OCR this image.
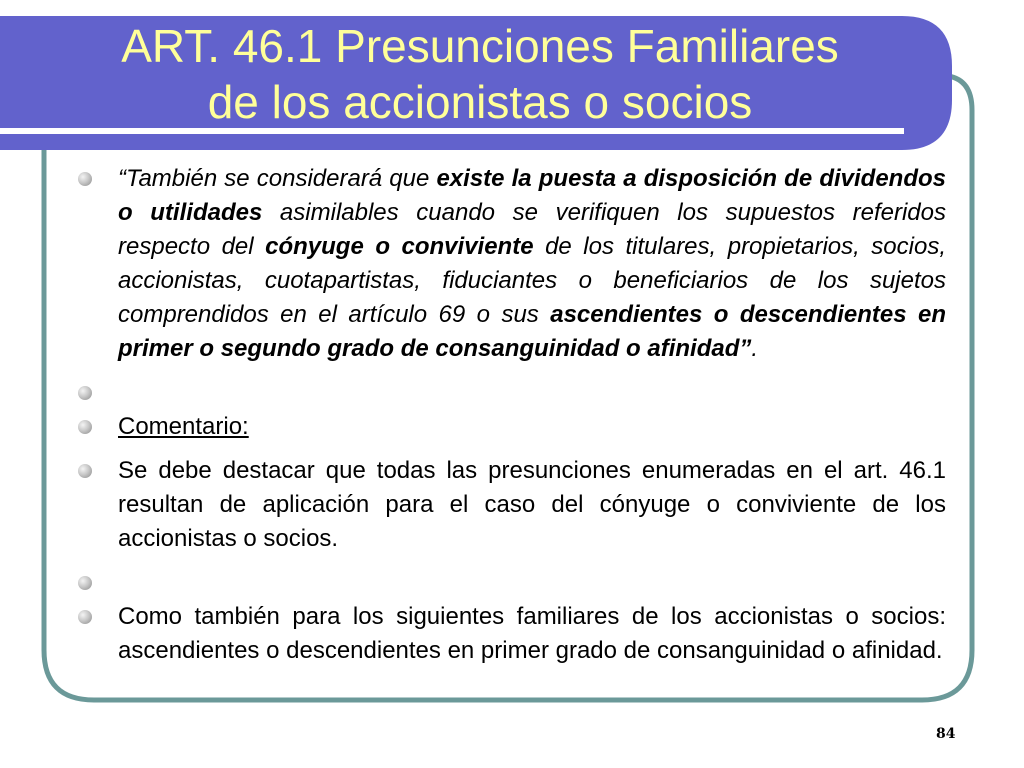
ART. 46.1 Presunciones Familiares
de los accionistas o socios
“También se considerará que existe la puesta a disposición de dividendos o utilidades asimilables cuando se verifiquen los supuestos referidos respecto del cónyuge o conviviente de los titulares, propietarios, socios, accionistas, cuotapartistas, fiduciantes o beneficiarios de los sujetos comprendidos en el artículo 69 o sus ascendientes o descendientes en primer o segundo grado de consanguinidad o afinidad”.
Comentario:
Se debe destacar que todas las presunciones enumeradas en el art. 46.1 resultan de aplicación para el caso del cónyuge o conviviente de los accionistas o socios.
Como también para los siguientes familiares de los accionistas o socios: ascendientes o descendientes en primer grado de consanguinidad o afinidad.
84
